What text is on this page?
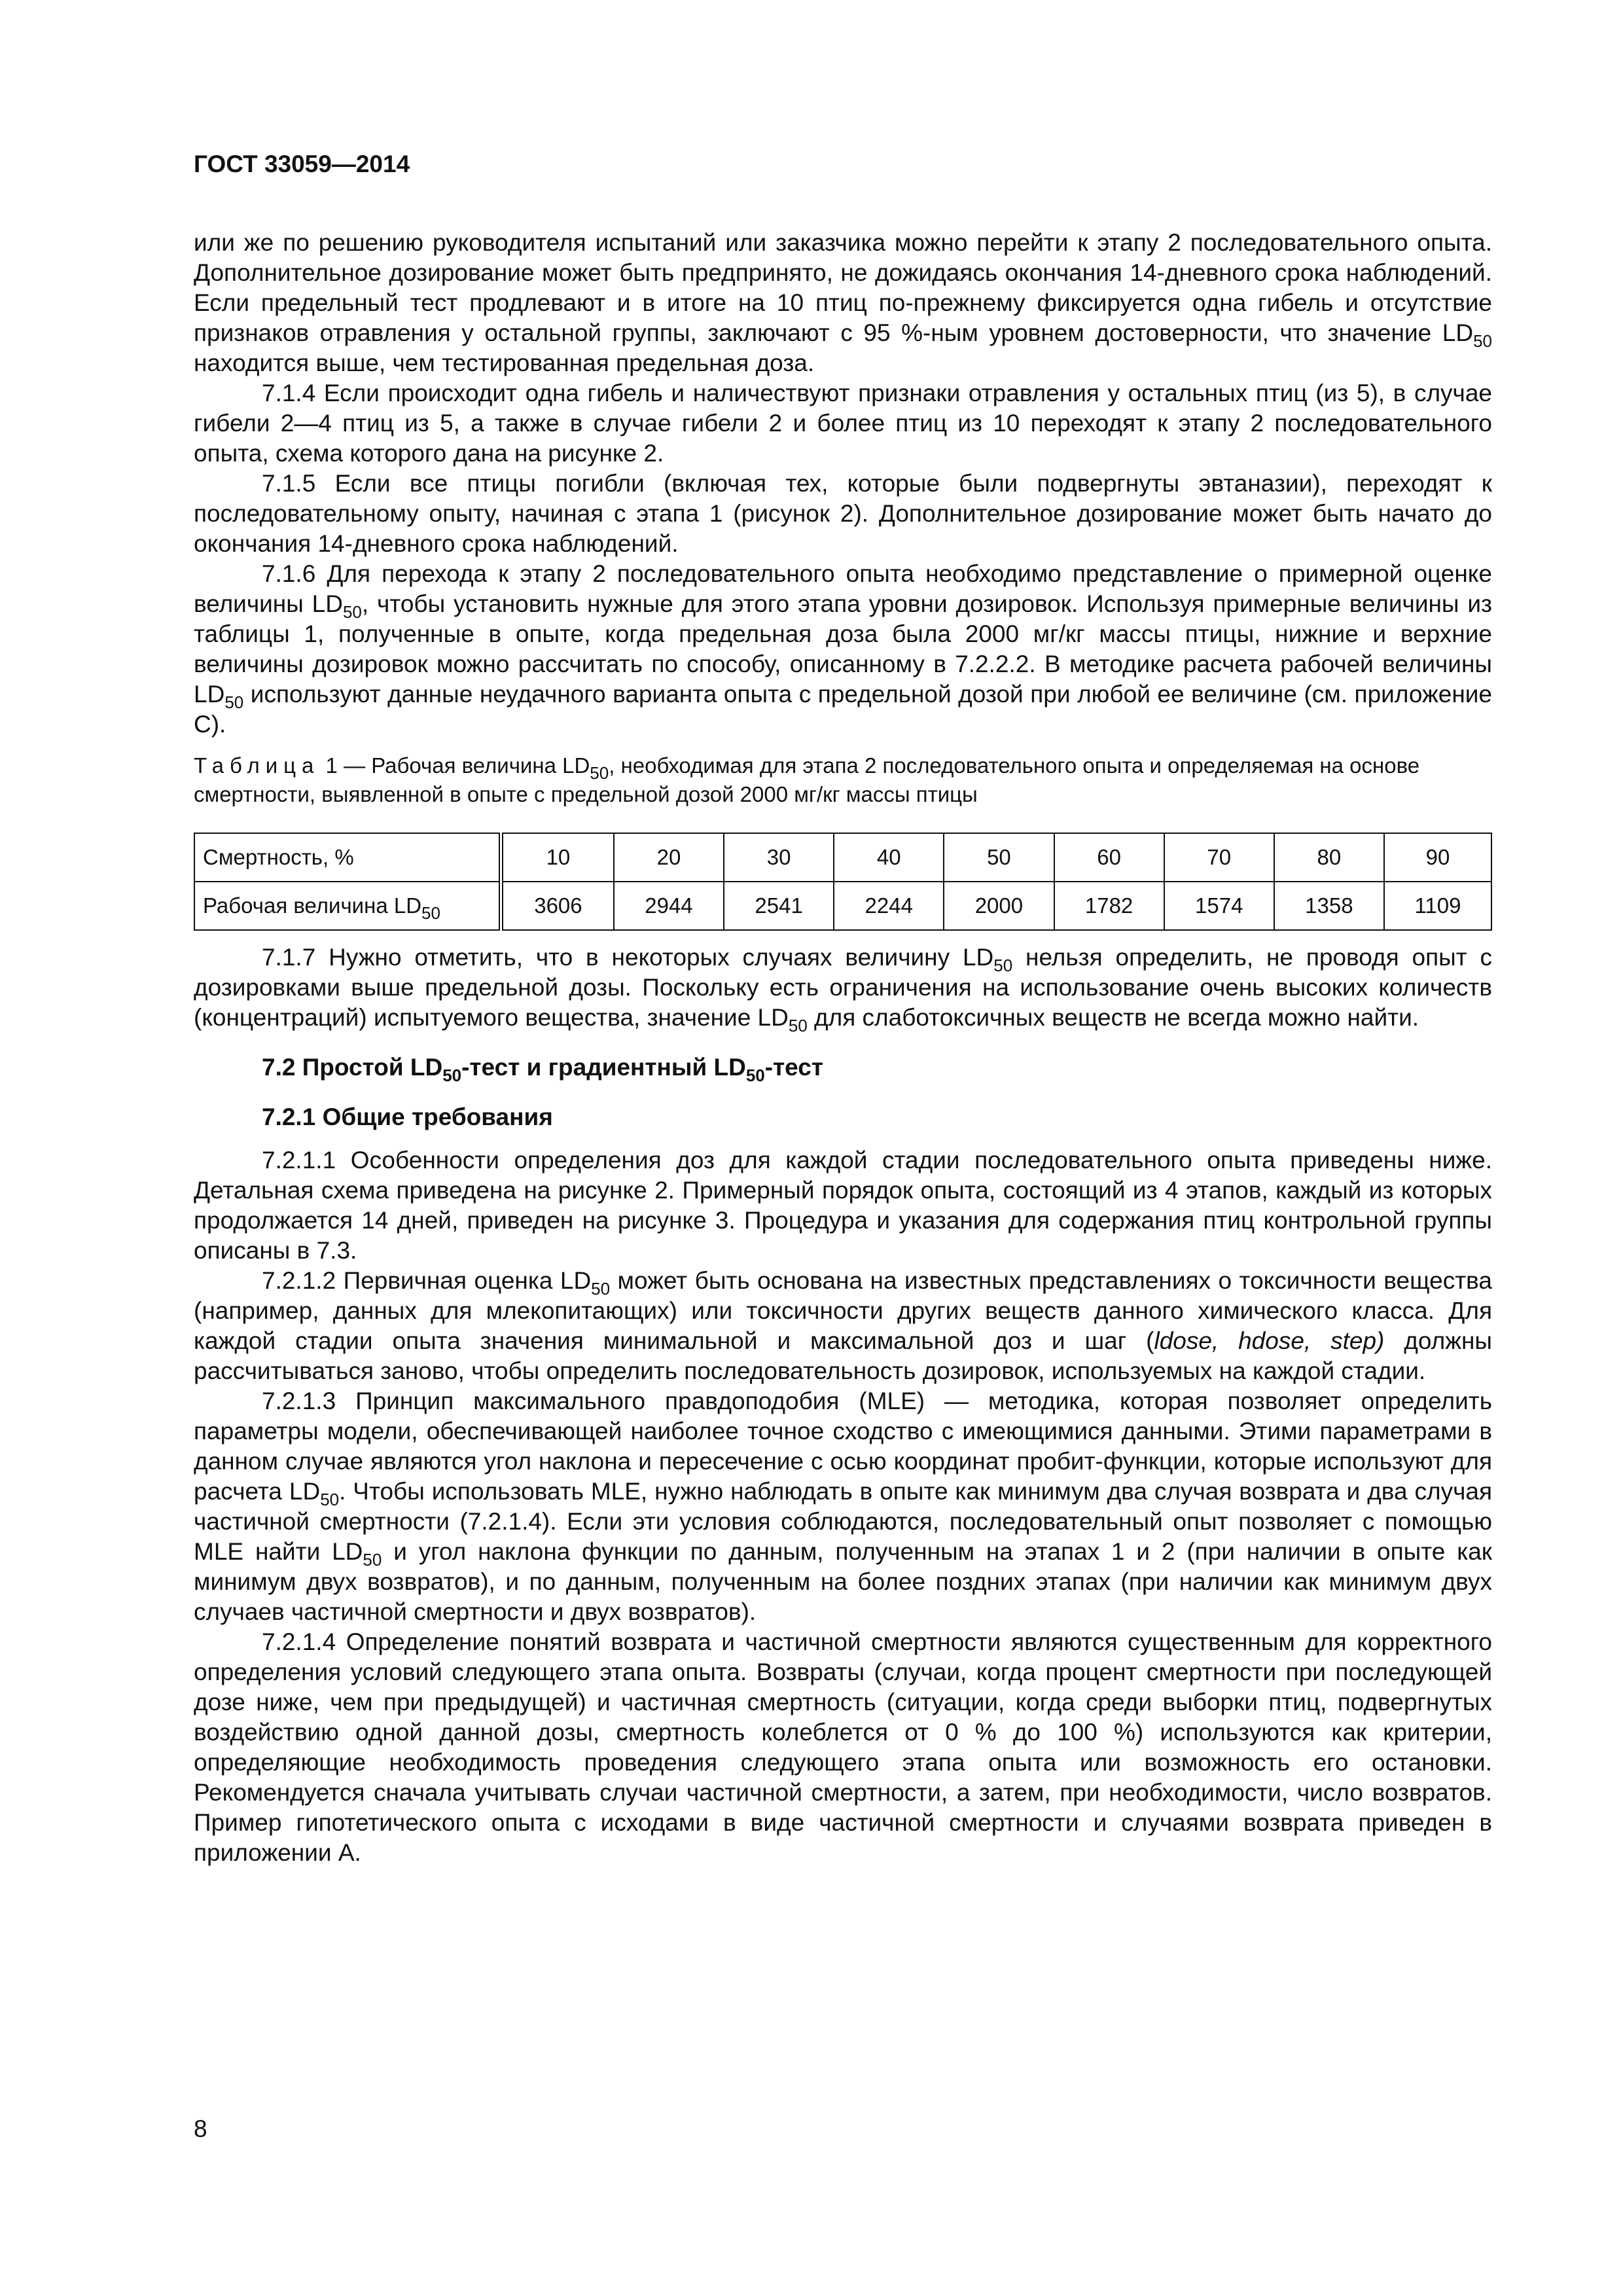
ГОСТ 33059—2014

или же по решению руководителя испытаний или заказчика можно перейти к этапу 2 последовательного опыта. Дополнительное дозирование может быть предпринято, не дожидаясь окончания 14-дневного срока наблюдений. Если предельный тест продлевают и в итоге на 10 птиц по-прежнему фиксируется одна гибель и отсутствие признаков отравления у остальной группы, заключают с 95 %-ным уровнем достоверности, что значение $LD_{50}$ находится выше, чем тестированная предельная доза.

7.1.4 Если происходит одна гибель и наличествуют признаки отравления у остальных птиц (из 5), в случае гибели 2—4 птиц из 5, а также в случае гибели 2 и более птиц из 10 переходят к этапу 2 последовательного опыта, схема которого дана на рисунке 2.

7.1.5 Если все птицы погибли (включая тех, которые были подвергнуты эвтаназии), переходят к последовательному опыту, начиная с этапа 1 (рисунок 2). Дополнительное дозирование может быть начато до окончания 14-дневного срока наблюдений.

7.1.6 Для перехода к этапу 2 последовательного опыта необходимо представление о примерной оценке величины $LD_{50}$, чтобы установить нужные для этого этапа уровни дозировок. Используя примерные величины из таблицы 1, полученные в опыте, когда предельная доза была 2000 мг/кг массы птицы, нижние и верхние величины дозировок можно рассчитать по способу, описанному в 7.2.2.2. В методике расчета рабочей величины $LD_{50}$ используют данные неудачного варианта опыта с предельной дозой при любой ее величине (см. приложение С).

Таблица 1 — Рабочая величина $LD_{50}$, необходимая для этапа 2 последовательного опыта и определяемая на основе смертности, выявленной в опыте с предельной дозой 2000 мг/кг массы птицы

Смертность, %	10	20	30	40	50	60	70	80	90
Рабочая величина $LD_{50}$	3606	2944	2541	2244	2000	1782	1574	1358	1109

7.1.7 Нужно отметить, что в некоторых случаях величину $LD_{50}$ нельзя определить, не проводя опыт с дозировками выше предельной дозы. Поскольку есть ограничения на использование очень высоких количеств (концентраций) испытуемого вещества, значение $LD_{50}$ для слаботоксичных веществ не всегда можно найти.

7.2 Простой $LD_{50}$-тест и градиентный $LD_{50}$-тест

7.2.1 Общие требования

7.2.1.1 Особенности определения доз для каждой стадии последовательного опыта приведены ниже. Детальная схема приведена на рисунке 2. Примерный порядок опыта, состоящий из 4 этапов, каждый из которых продолжается 14 дней, приведен на рисунке 3. Процедура и указания для содержания птиц контрольной группы описаны в 7.3.

7.2.1.2 Первичная оценка $LD_{50}$ может быть основана на известных представлениях о токсичности вещества (например, данных для млекопитающих) или токсичности других веществ данного химического класса. Для каждой стадии опыта значения минимальной и максимальной доз и шаг (ldose, hdose, step) должны рассчитываться заново, чтобы определить последовательность дозировок, используемых на каждой стадии.

7.2.1.3 Принцип максимального правдоподобия (MLE) — методика, которая позволяет определить параметры модели, обеспечивающей наиболее точное сходство с имеющимися данными. Этими параметрами в данном случае являются угол наклона и пересечение с осью координат пробит-функции, которые используют для расчета $LD_{50}$. Чтобы использовать MLE, нужно наблюдать в опыте как минимум два случая возврата и два случая частичной смертности (7.2.1.4). Если эти условия соблюдаются, последовательный опыт позволяет с помощью MLE найти $LD_{50}$ и угол наклона функции по данным, полученным на этапах 1 и 2 (при наличии в опыте как минимум двух возвратов), и по данным, полученным на более поздних этапах (при наличии как минимум двух случаев частичной смертности и двух возвратов).

7.2.1.4 Определение понятий возврата и частичной смертности являются существенным для корректного определения условий следующего этапа опыта. Возвраты (случаи, когда процент смертности при последующей дозе ниже, чем при предыдущей) и частичная смертность (ситуации, когда среди выборки птиц, подвергнутых воздействию одной данной дозы, смертность колеблется от 0 % до 100 %) используются как критерии, определяющие необходимость проведения следующего этапа опыта или возможность его остановки. Рекомендуется сначала учитывать случаи частичной смертности, а затем, при необходимости, число возвратов. Пример гипотетического опыта с исходами в виде частичной смертности и случаями возврата приведен в приложении А.

8
